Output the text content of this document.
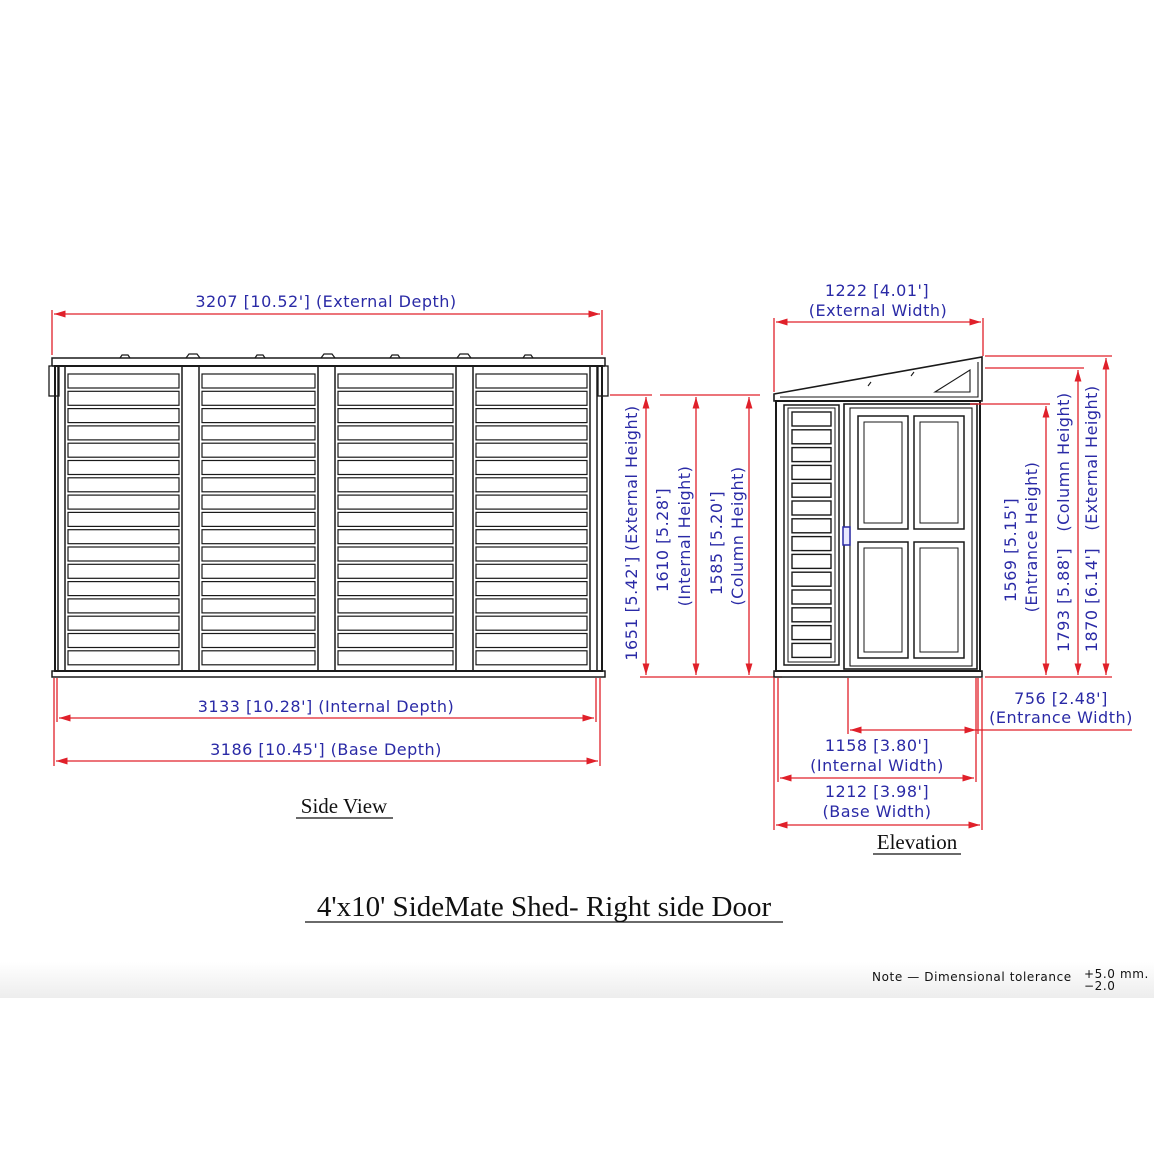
3207 [10.52'] (External Depth)
3133 [10.28'] (Internal Depth)
3186 [10.45'] (Base Depth)
1651 [5.42'] (External Height) 1610 [5.28'] (Internal Height) 1585 [5.20'] (Column Height)
1222 [4.01']
(External Width)
756 [2.48']
(Entrance Width)
1158 [3.80']
(Internal Width)
1212 [3.98']
(Base Width)
1569 [5.15'] (Entrance Height) 1793 [5.88']
(Column Height)
1870 [6.14']
(External Height)
Side View
Elevation
4'x10' SideMate Shed- Right side Door
Note — Dimensional tolerance +5.0 mm.
−2.0
